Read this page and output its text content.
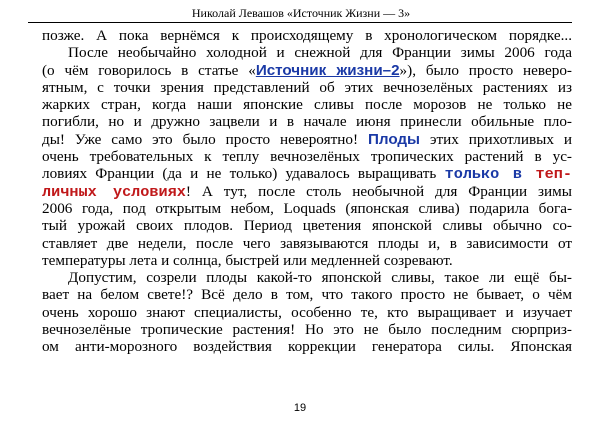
Николай Левашов «Источник Жизни — 3»
позже. А пока вернёмся к происходящему в хронологическом порядке...
После необычайно холодной и снежной для Франции зимы 2006 года
(о чём говорилось в статье «Источник жизни–2»), было просто неверо-
ятным, с точки зрения представлений об этих вечнозелёных растениях из
жарких стран, когда наши японские сливы после морозов не только не
погибли, но и дружно зацвели и в начале июня принесли обильные пло-
ды! Уже само это было просто невероятно! Плоды этих прихотливых и
очень требовательных к теплу вечнозелёных тропических растений в ус-
ловиях Франции (да и не только) удавалось выращивать только в теп-
личных условиях! А тут, после столь необычной для Франции зимы
2006 года, под открытым небом, Loquads (японская слива) подарила бога-
тый урожай своих плодов. Период цветения японской сливы обычно со-
ставляет две недели, после чего завязываются плоды и, в зависимости от
температуры лета и солнца, быстрей или медленней созревают.
Допустим, созрели плоды какой-то японской сливы, такое ли ещё бы-
вает на белом свете!? Всё дело в том, что такого просто не бывает, о чём
очень хорошо знают специалисты, особенно те, кто выращивает и изучает
вечнозелёные тропические растения! Но это не было последним сюрприз-
ом анти-морозного воздействия коррекции генератора силы. Японская
19
